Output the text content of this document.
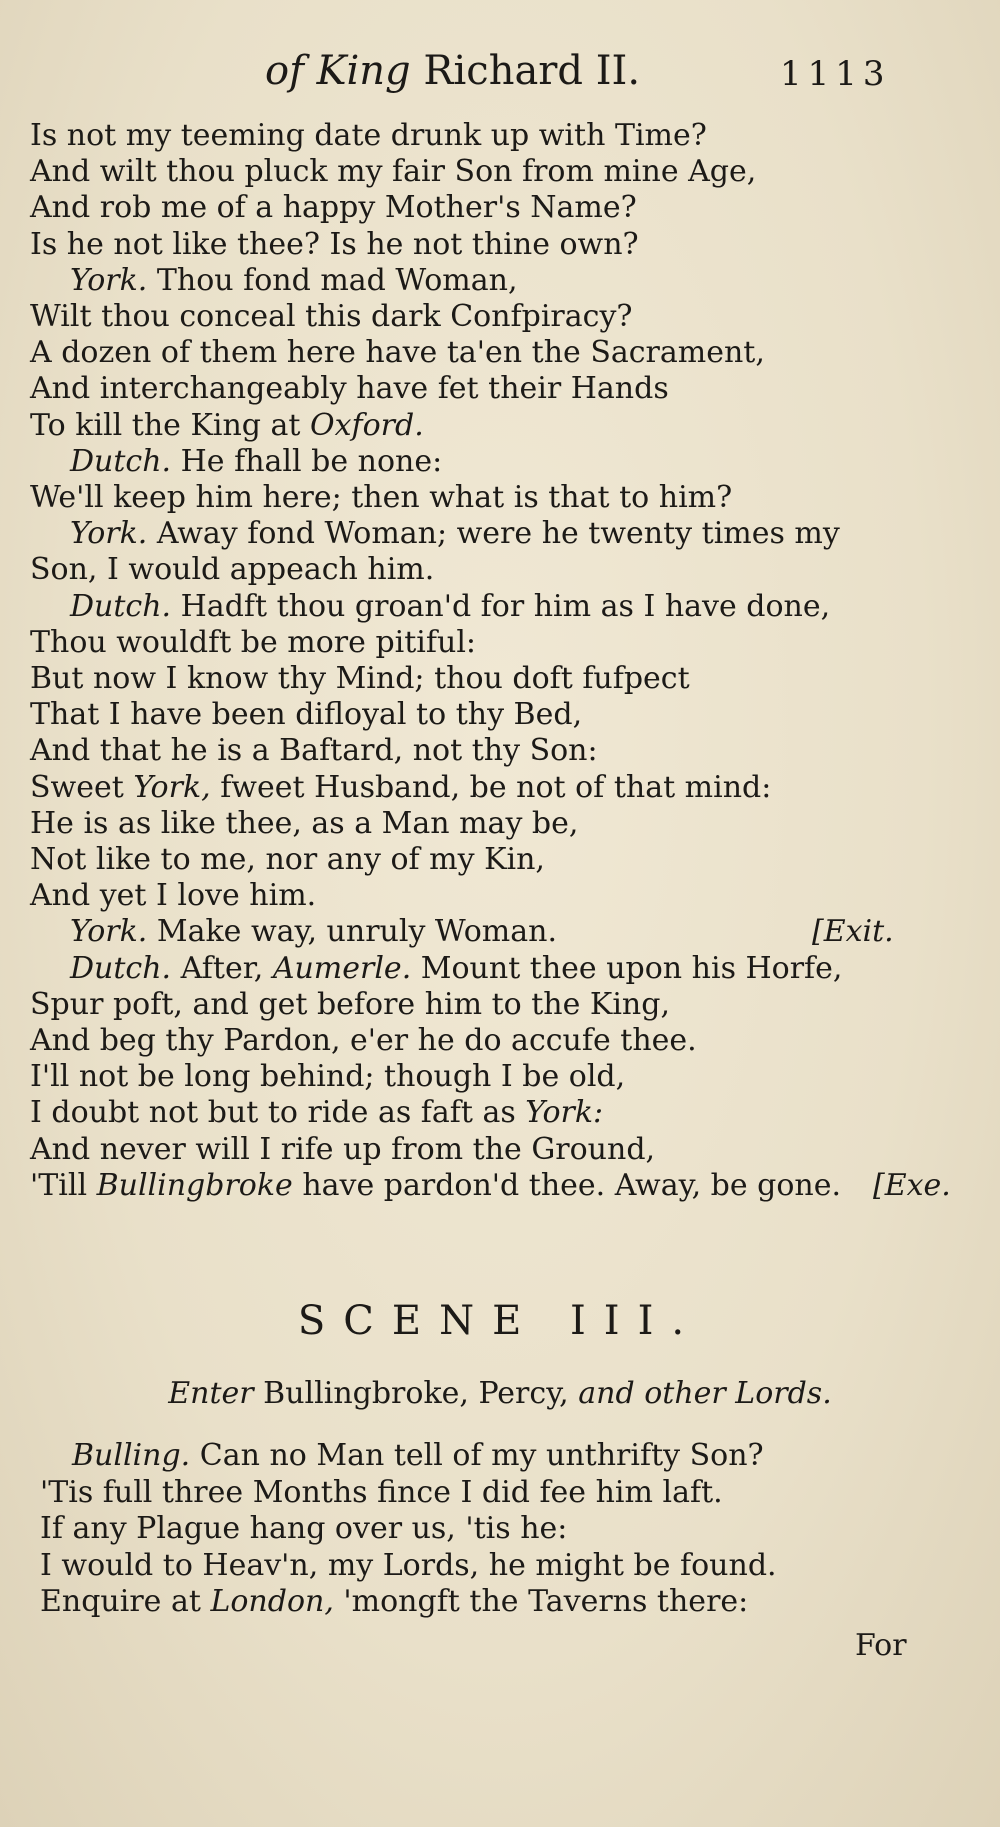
of King Richard II.	1113
Is not my teeming date drunk up with Time?
And wilt thou pluck my fair Son from mine Age,
And rob me of a happy Mother's Name?
Is he not like thee? Is he not thine own?
York. Thou fond mad Woman,
Wilt thou conceal this dark Confpiracy?
A dozen of them here have ta'en the Sacrament,
And interchangeably have fet their Hands
To kill the King at Oxford.
Dutch. He fhall be none:
We'll keep him here; then what is that to him?
York. Away fond Woman; were he twenty times my
Son, I would appeach him.
Dutch. Hadft thou groan'd for him as I have done,
Thou wouldft be more pitiful:
But now I know thy Mind; thou doft fufpect
That I have been difloyal to thy Bed,
And that he is a Baftard, not thy Son:
Sweet York, fweet Husband, be not of that mind:
He is as like thee, as a Man may be,
Not like to me, nor any of my Kin,
And yet I love him.
York. Make way, unruly Woman.	[Exit.
Dutch. After, Aumerle. Mount thee upon his Horfe,
Spur poft, and get before him to the King,
And beg thy Pardon, e'er he do accufe thee.
I'll not be long behind; though I be old,
I doubt not but to ride as faft as York:
And never will I rife up from the Ground,
'Till Bullingbroke have pardon'd thee. Away, be gone. [Exe.
SCENE III.
Enter Bullingbroke, Percy, and other Lords.
Bulling. Can no Man tell of my unthrifty Son?
'Tis full three Months fince I did fee him laft.
If any Plague hang over us, 'tis he:
I would to Heav'n, my Lords, he might be found.
Enquire at London, 'mongft the Taverns there:
For
